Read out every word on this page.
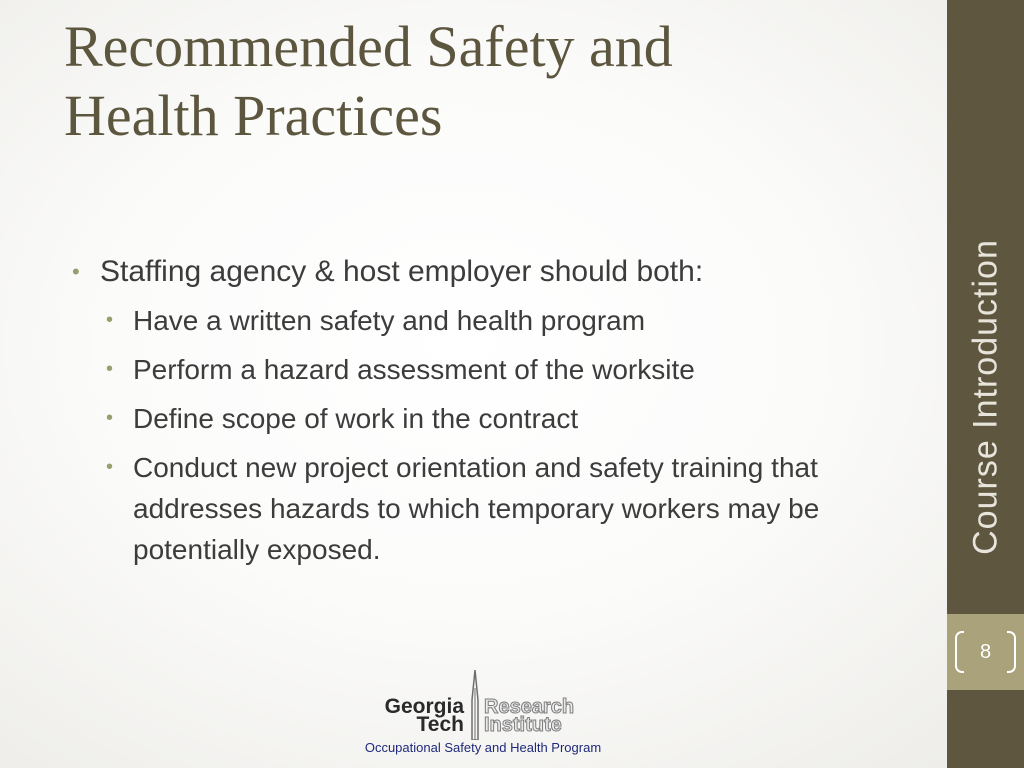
Recommended Safety and
Health Practices
• Staffing agency & host employer should both:
• Have a written safety and health program
• Perform a hazard assessment of the worksite
• Define scope of work in the contract
• Conduct new project orientation and safety training that addresses hazards to which temporary workers may be potentially exposed.	Course Introduction
8
Georgia
Tech
Research
Institute
Occupational Safety and Health Program
